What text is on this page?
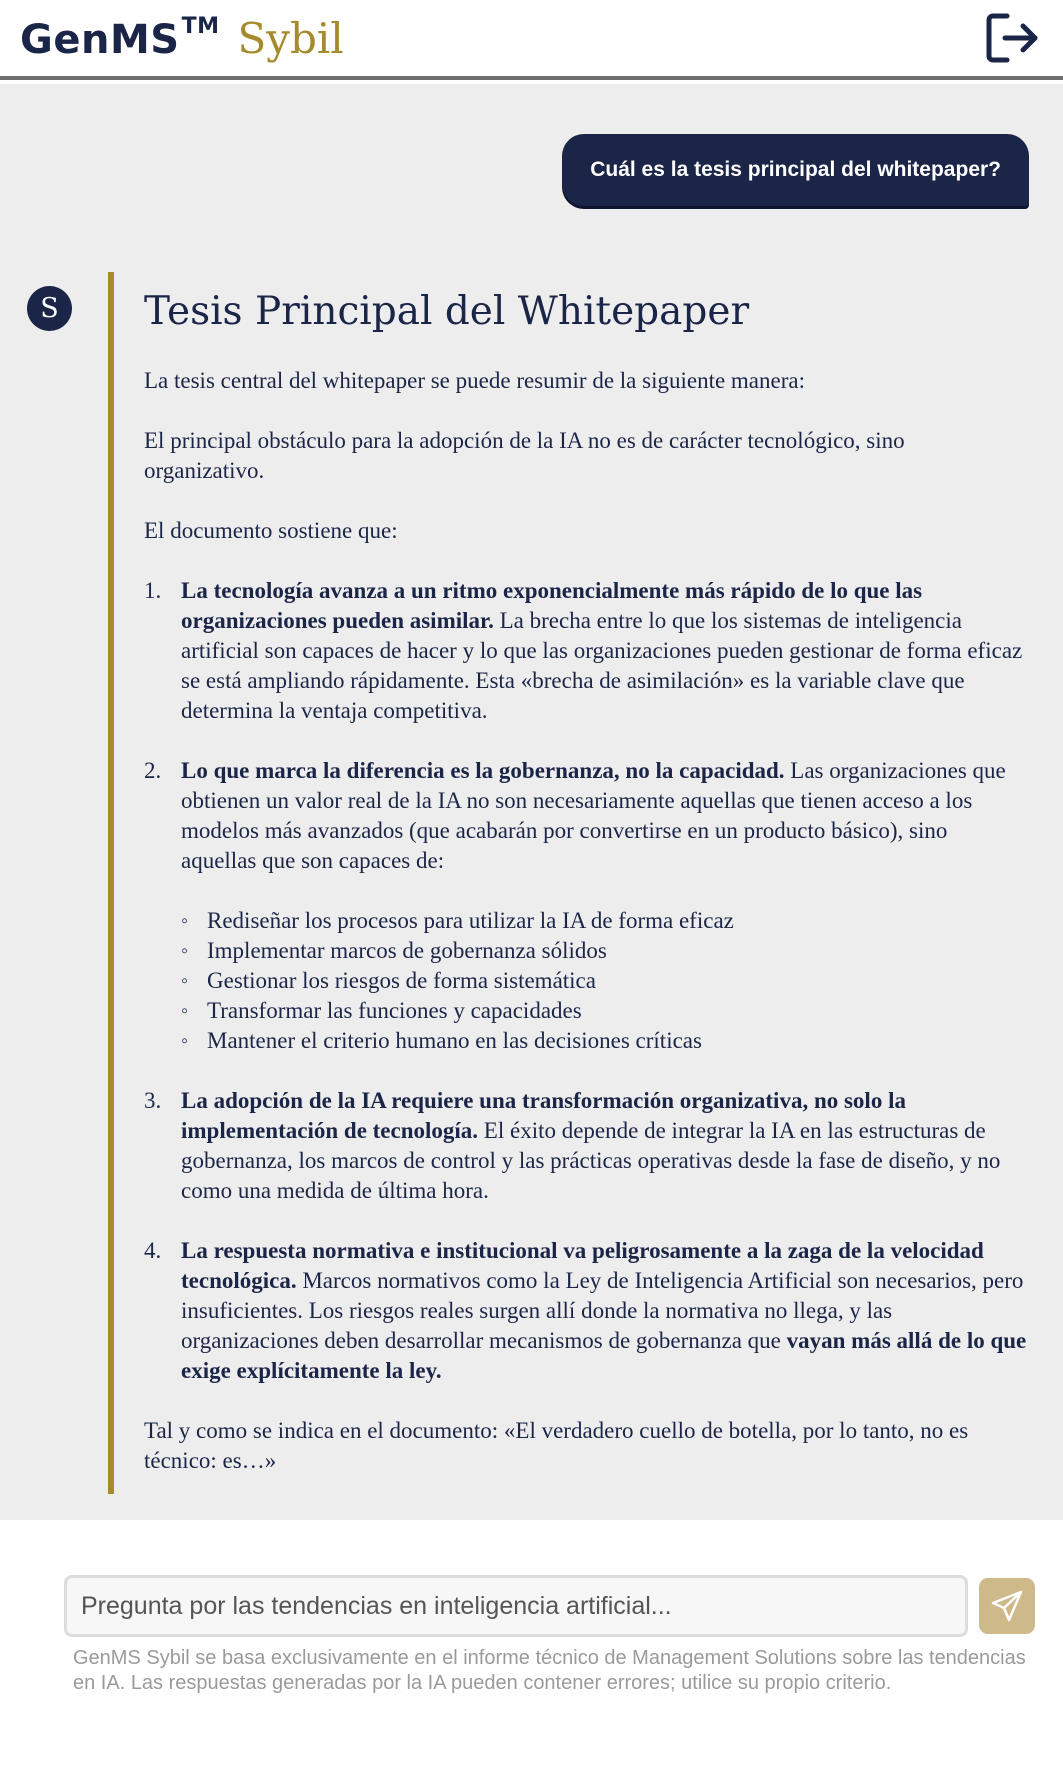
GenMS™ Sybil
Cuál es la tesis principal del whitepaper?
S	Tesis Principal del Whitepaper

La tesis central del whitepaper se puede resumir de la siguiente manera:

El principal obstáculo para la adopción de la IA no es de carácter tecnológico, sino organizativo.

El documento sostiene que:

1. La tecnología avanza a un ritmo exponencialmente más rápido de lo que las organizaciones pueden asimilar. La brecha entre lo que los sistemas de inteligencia artificial son capaces de hacer y lo que las organizaciones pueden gestionar de forma eficaz se está ampliando rápidamente. Esta «brecha de asimilación» es la variable clave que determina la ventaja competitiva.
2. Lo que marca la diferencia es la gobernanza, no la capacidad. Las organizaciones que obtienen un valor real de la IA no son necesariamente aquellas que tienen acceso a los modelos más avanzados (que acabarán por convertirse en un producto básico), sino aquellas que son capaces de:
◦ Rediseñar los procesos para utilizar la IA de forma eficaz
◦ Implementar marcos de gobernanza sólidos
◦ Gestionar los riesgos de forma sistemática
◦ Transformar las funciones y capacidades
◦ Mantener el criterio humano en las decisiones críticas
3. La adopción de la IA requiere una transformación organizativa, no solo la implementación de tecnología. El éxito depende de integrar la IA en las estructuras de gobernanza, los marcos de control y las prácticas operativas desde la fase de diseño, y no como una medida de última hora.
4. La respuesta normativa e institucional va peligrosamente a la zaga de la velocidad tecnológica. Marcos normativos como la Ley de Inteligencia Artificial son necesarios, pero insuficientes. Los riesgos reales surgen allí donde la normativa no llega, y las organizaciones deben desarrollar mecanismos de gobernanza que vayan más allá de lo que exige explícitamente la ley.

Tal y como se indica en el documento: «El verdadero cuello de botella, por lo tanto, no es técnico: es…»

Pregunta por las tendencias en inteligencia artificial...
GenMS Sybil se basa exclusivamente en el informe técnico de Management Solutions sobre las tendencias en IA. Las respuestas generadas por la IA pueden contener errores; utilice su propio criterio.
